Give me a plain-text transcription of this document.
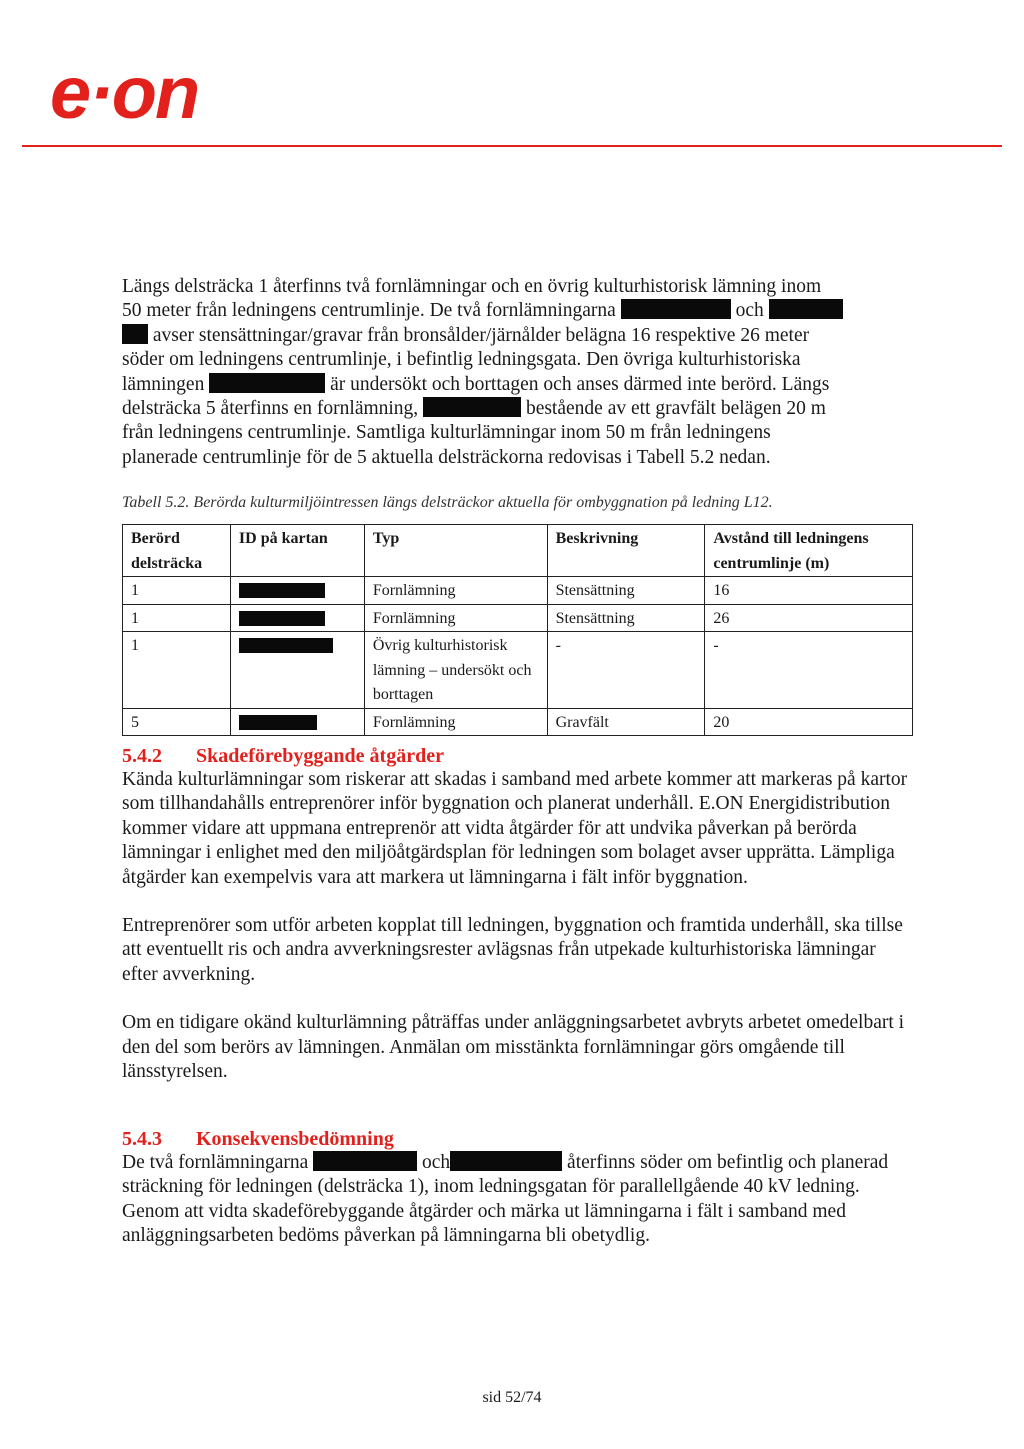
e·on

Längs delsträcka 1 återfinns två fornlämningar och en övrig kulturhistorisk lämning inom

50 meter från ledningens centrumlinje. De två fornlämningarna	och

avser stensättningar/gravar från bronsålder/järnålder belägna 16 respektive 26 meter

söder om ledningens centrumlinje, i befintlig ledningsgata. Den övriga kulturhistoriska

lämningen	är undersökt och borttagen och anses därmed inte berörd. Längs

delsträcka 5 återfinns en fornlämning,	bestående av ett gravfält belägen 20 m

från ledningens centrumlinje. Samtliga kulturlämningar inom 50 m från ledningens

planerade centrumlinje för de 5 aktuella delsträckorna redovisas i Tabell 5.2 nedan.

Tabell 5.2. Berörda kulturmiljöintressen längs delsträckor aktuella för ombyggnation på ledning L12.
Berörd delsträcka	ID på kartan	Typ	Beskrivning	Avstånd till ledningens centrumlinje (m)
1		Fornlämning	Stensättning	16
1		Fornlämning	Stensättning	26
1		Övrig kulturhistorisk lämning – undersökt och borttagen	-	-
5		Fornlämning	Gravfält	20
5.4.2 Skadeförebyggande åtgärder

Kända kulturlämningar som riskerar att skadas i samband med arbete kommer att markeras på kartor som tillhandahålls entreprenörer inför byggnation och planerat underhåll. E.ON Energidistribution kommer vidare att uppmana entreprenör att vidta åtgärder för att undvika påverkan på berörda lämningar i enlighet med den miljöåtgärdsplan för ledningen som bolaget avser upprätta. Lämpliga åtgärder kan exempelvis vara att markera ut lämningarna i fält inför byggnation.

Entreprenörer som utför arbeten kopplat till ledningen, byggnation och framtida underhåll, ska tillse att eventuellt ris och andra avverkningsrester avlägsnas från utpekade kulturhistoriska lämningar efter avverkning.

Om en tidigare okänd kulturlämning påträffas under anläggningsarbetet avbryts arbetet omedelbart i den del som berörs av lämningen. Anmälan om misstänkta fornlämningar görs omgående till länsstyrelsen.

5.4.3 Konsekvensbedömning

De två fornlämningarna	och	återfinns söder om befintlig och planerad sträckning för ledningen (delsträcka 1), inom ledningsgatan för parallellgående 40 kV ledning. Genom att vidta skadeförebyggande åtgärder och märka ut lämningarna i fält i samband med anläggningsarbeten bedöms påverkan på lämningarna bli obetydlig.

sid 52/74
